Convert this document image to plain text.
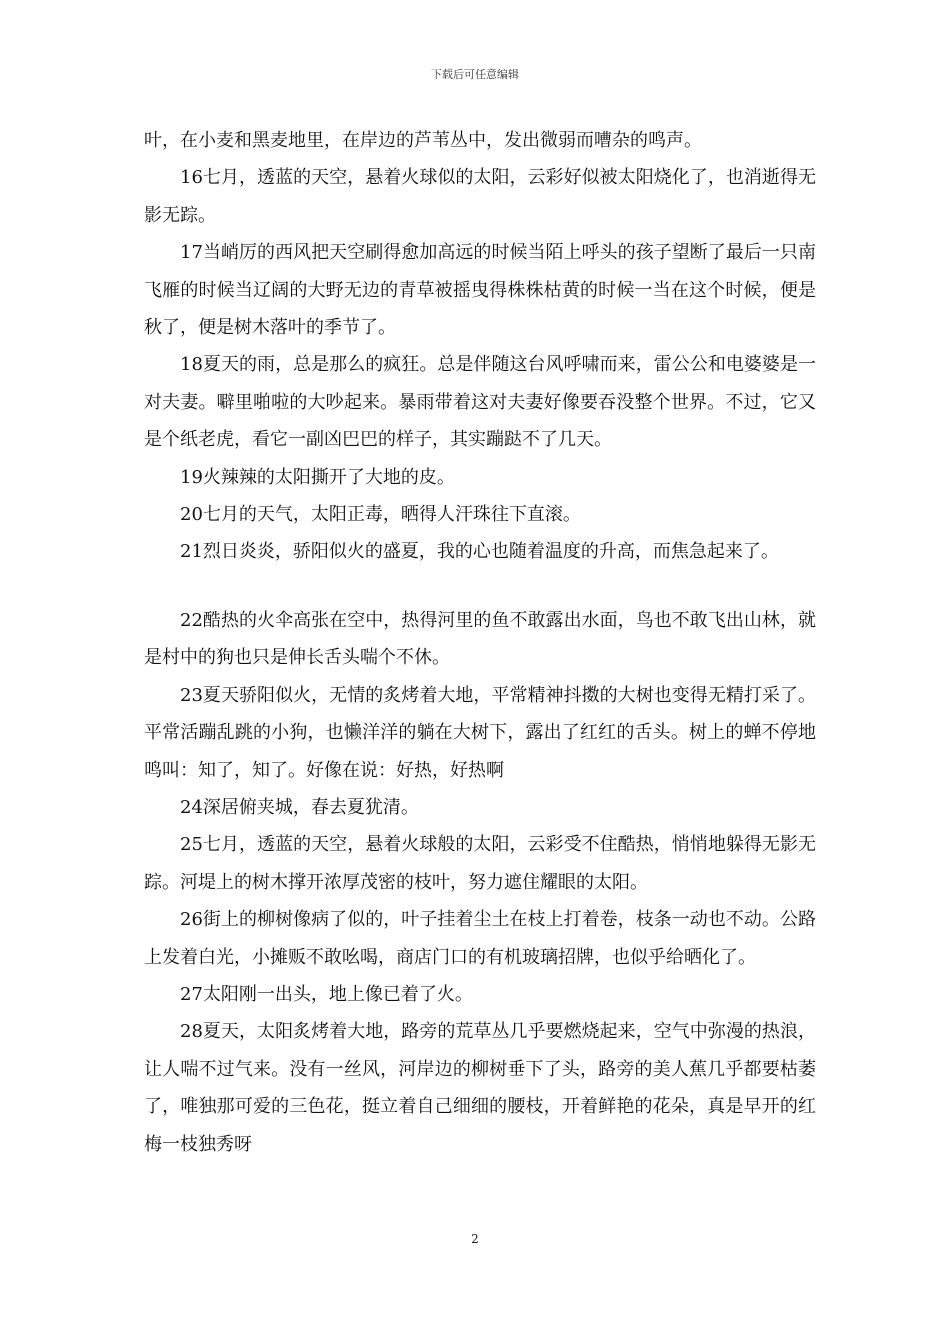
下载后可任意编辑

叶，在小麦和黑麦地里，在岸边的芦苇丛中，发出微弱而嘈杂的鸣声。

16七月，透蓝的天空，悬着火球似的太阳，云彩好似被太阳烧化了，也消逝得无影无踪。

17当峭厉的西风把天空刷得愈加高远的时候当陌上呼头的孩子望断了最后一只南飞雁的时候当辽阔的大野无边的青草被摇曳得株株枯黄的时候一当在这个时候，便是秋了，便是树木落叶的季节了。

18夏天的雨，总是那么的疯狂。总是伴随这台风呼啸而来，雷公公和电婆婆是一对夫妻。噼里啪啦的大吵起来。暴雨带着这对夫妻好像要吞没整个世界。不过，它又是个纸老虎，看它一副凶巴巴的样子，其实蹦跶不了几天。

19火辣辣的太阳撕开了大地的皮。

20七月的天气，太阳正毒，晒得人汗珠往下直滚。

21烈日炎炎，骄阳似火的盛夏，我的心也随着温度的升高，而焦急起来了。

22酷热的火伞高张在空中，热得河里的鱼不敢露出水面，鸟也不敢飞出山林，就是村中的狗也只是伸长舌头喘个不休。

23夏天骄阳似火，无情的炙烤着大地，平常精神抖擞的大树也变得无精打采了。平常活蹦乱跳的小狗，也懒洋洋的躺在大树下，露出了红红的舌头。树上的蝉不停地鸣叫：知了，知了。好像在说：好热，好热啊

24深居俯夹城，春去夏犹清。

25七月，透蓝的天空，悬着火球般的太阳，云彩受不住酷热，悄悄地躲得无影无踪。河堤上的树木撑开浓厚茂密的枝叶，努力遮住耀眼的太阳。

26街上的柳树像病了似的，叶子挂着尘土在枝上打着卷，枝条一动也不动。公路上发着白光，小摊贩不敢吆喝，商店门口的有机玻璃招牌，也似乎给晒化了。

27太阳刚一出头，地上像已着了火。

28夏天，太阳炙烤着大地，路旁的荒草丛几乎要燃烧起来，空气中弥漫的热浪，让人喘不过气来。没有一丝风，河岸边的柳树垂下了头，路旁的美人蕉几乎都要枯萎了，唯独那可爱的三色花，挺立着自己细细的腰枝，开着鲜艳的花朵，真是早开的红梅一枝独秀呀

2
